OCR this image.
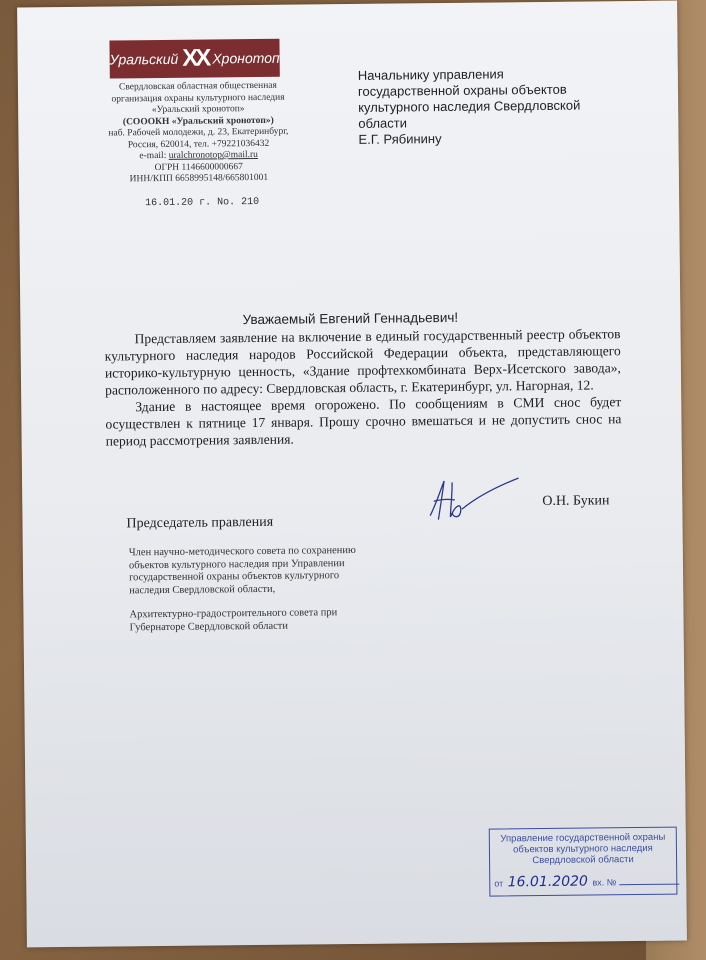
Уральский ХХ Хронотоп
Свердловская областная общественная
организация охраны культурного наследия
«Уральский хронотоп»
(СОООКН «Уральский хронотоп»)
наб. Рабочей молодежи, д. 23, Екатеринбург,
Россия, 620014, тел. +79221036432
e-mail: uralchronotop@mail.ru
ОГРН 1146600000667
ИНН/КПП 6658995148/665801001
16.01.20 г. No. 210
Начальнику управления
государственной охраны объектов
культурного наследия Свердловской
области
Е.Г. Рябинину
Уважаемый Евгений Геннадьевич!

Представляем заявление на включение в единый государственный реестр объектов культурного наследия народов Российской Федерации объекта, представляющего историко-культурную ценность, «Здание профтехкомбината Верх-Исетского завода», расположенного по адресу: Свердловская область, г. Екатеринбург, ул. Нагорная, 12.

Здание в настоящее время огорожено. По сообщениям в СМИ снос будет осуществлен к пятнице 17 января. Прошу срочно вмешаться и не допустить снос на период рассмотрения заявления.

О.Н. Букин
Председатель правления
Член научно-методического совета по сохранению объектов культурного наследия при Управлении государственной охраны объектов культурного наследия Свердловской области,
Архитектурно-градостроительного совета при Губернаторе Свердловской области
Управление государственной охраны
объектов культурного наследия
Свердловской области
от 16.01.2020 вх. №
